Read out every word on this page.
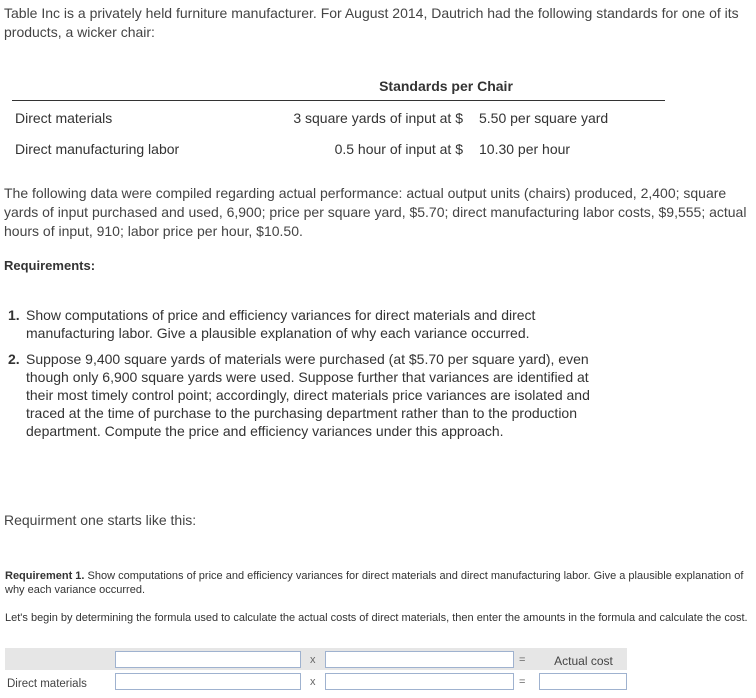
Table Inc is a privately held furniture manufacturer. For August 2014, Dautrich had the following standards for one of its products, a wicker chair:
Standards per Chair
Direct materials	3 square yards of input at $ 5.50 per square yard
Direct manufacturing labor	0.5 hour of input at $ 10.30 per hour
The following data were compiled regarding actual performance: actual output units (chairs) produced, 2,400; square yards of input purchased and used, 6,900; price per square yard, $5.70; direct manufacturing labor costs, $9,555; actual hours of input, 910; labor price per hour, $10.50.
Requirements:
1. Show computations of price and efficiency variances for direct materials and direct manufacturing labor. Give a plausible explanation of why each variance occurred.
2. Suppose 9,400 square yards of materials were purchased (at $5.70 per square yard), even though only 6,900 square yards were used. Suppose further that variances are identified at their most timely control point; accordingly, direct materials price variances are isolated and traced at the time of purchase to the purchasing department rather than to the production department. Compute the price and efficiency variances under this approach.
Requirment one starts like this:
Requirement 1. Show computations of price and efficiency variances for direct materials and direct manufacturing labor. Give a plausible explanation of why each variance occurred.
Let's begin by determining the formula used to calculate the actual costs of direct materials, then enter the amounts in the formula and calculate the cost.
x	=	Actual cost
Direct materials	x	=
